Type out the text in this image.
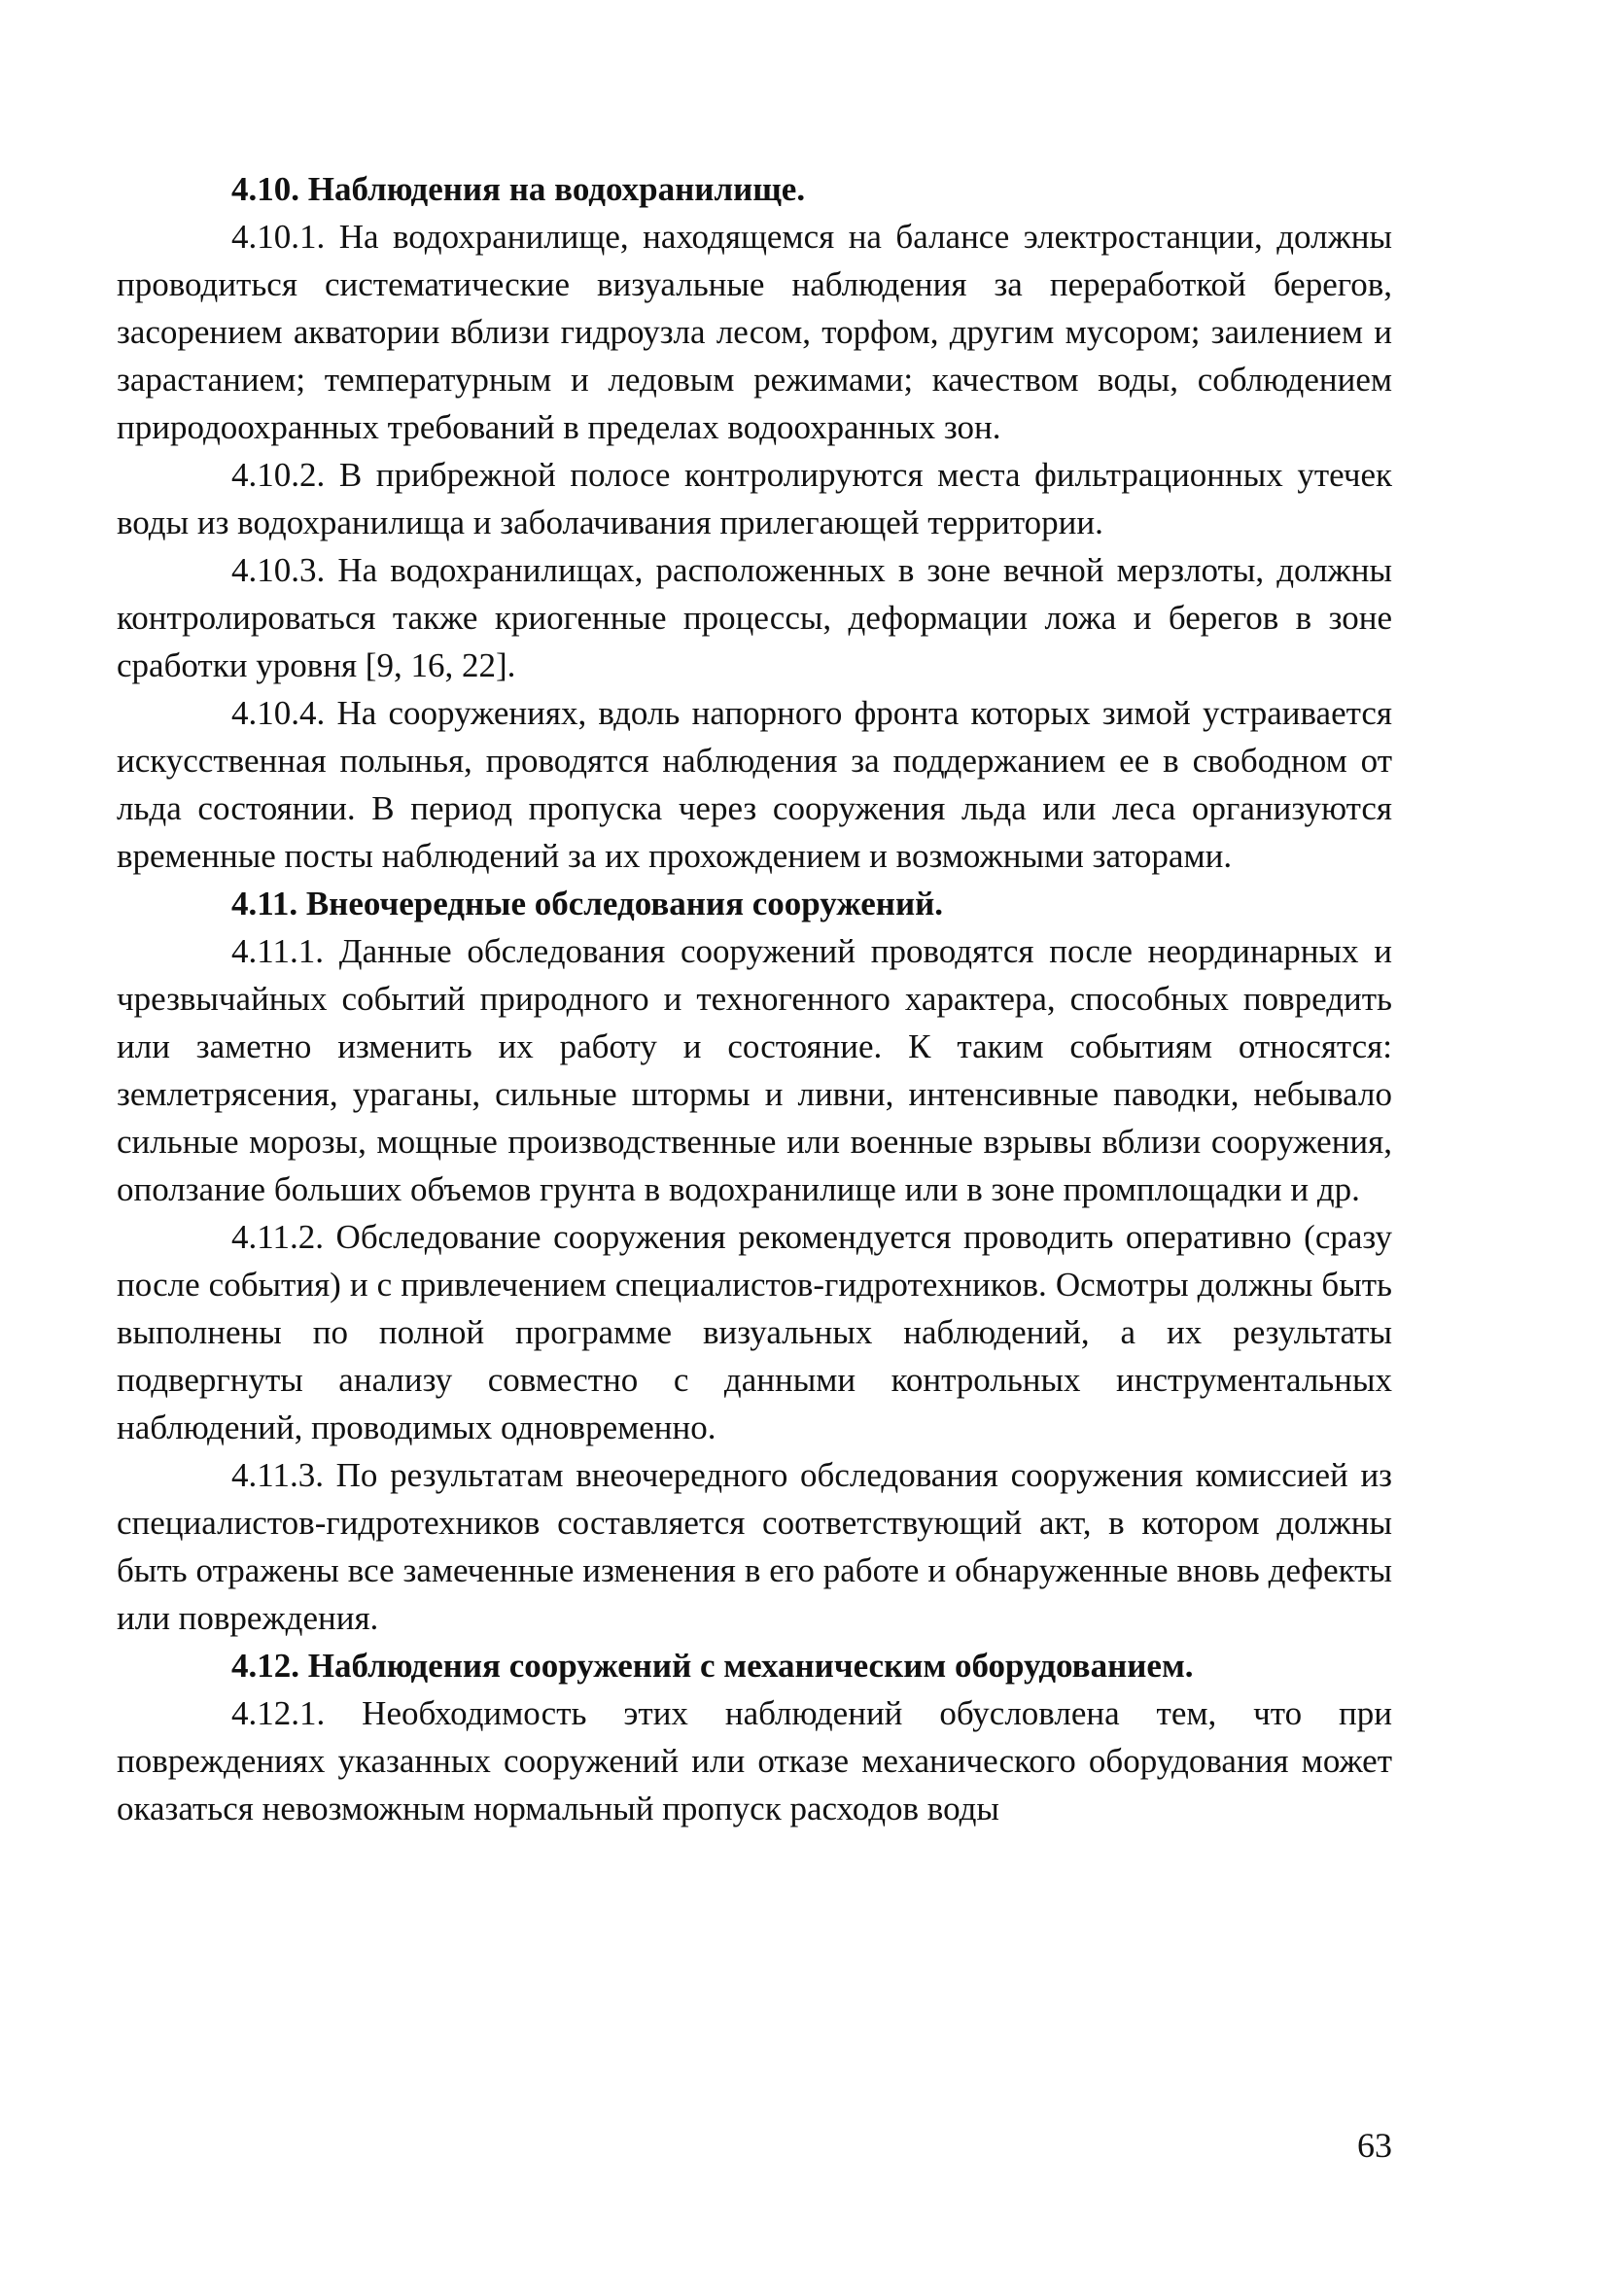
4.10. Наблюдения на водохранилище.

4.10.1. На водохранилище, находящемся на балансе электростанции, должны проводиться систематические визуальные наблюдения за переработкой берегов, засорением акватории вблизи гидроузла лесом, торфом, другим мусором; заилением и зарастанием; температурным и ледовым режимами; качеством воды, соблюдением природоохранных требований в пределах водоохранных зон.

4.10.2. В прибрежной полосе контролируются места фильтрационных утечек воды из водохранилища и заболачивания прилегающей территории.

4.10.3. На водохранилищах, расположенных в зоне вечной мерзлоты, должны контролироваться также криогенные процессы, деформации ложа и берегов в зоне сработки уровня [9, 16, 22].

4.10.4. На сооружениях, вдоль напорного фронта которых зимой устраивается искусственная полынья, проводятся наблюдения за поддержанием ее в свободном от льда состоянии. В период пропуска через сооружения льда или леса организуются временные посты наблюдений за их прохождением и возможными заторами.

4.11. Внеочередные обследования сооружений.

4.11.1. Данные обследования сооружений проводятся после неординарных и чрезвычайных событий природного и техногенного характера, способных повредить или заметно изменить их работу и состояние. К таким событиям относятся: землетрясения, ураганы, сильные штормы и ливни, интенсивные паводки, небывало сильные морозы, мощные производственные или военные взрывы вблизи сооружения, оползание больших объемов грунта в водохранилище или в зоне промплощадки и др.

4.11.2. Обследование сооружения рекомендуется проводить оперативно (сразу после события) и с привлечением специалистов-гидротехников. Осмотры должны быть выполнены по полной программе визуальных наблюдений, а их результаты подвергнуты анализу совместно с данными контрольных инструментальных наблюдений, проводимых одновременно.

4.11.3. По результатам внеочередного обследования сооружения комиссией из специалистов-гидротехников составляется соответствующий акт, в котором должны быть отражены все замеченные изменения в его работе и обнаруженные вновь дефекты или повреждения.

4.12. Наблюдения сооружений с механическим оборудованием.

4.12.1. Необходимость этих наблюдений обусловлена тем, что при повреждениях указанных сооружений или отказе механического оборудования может оказаться невозможным нормальный пропуск расходов воды

63
